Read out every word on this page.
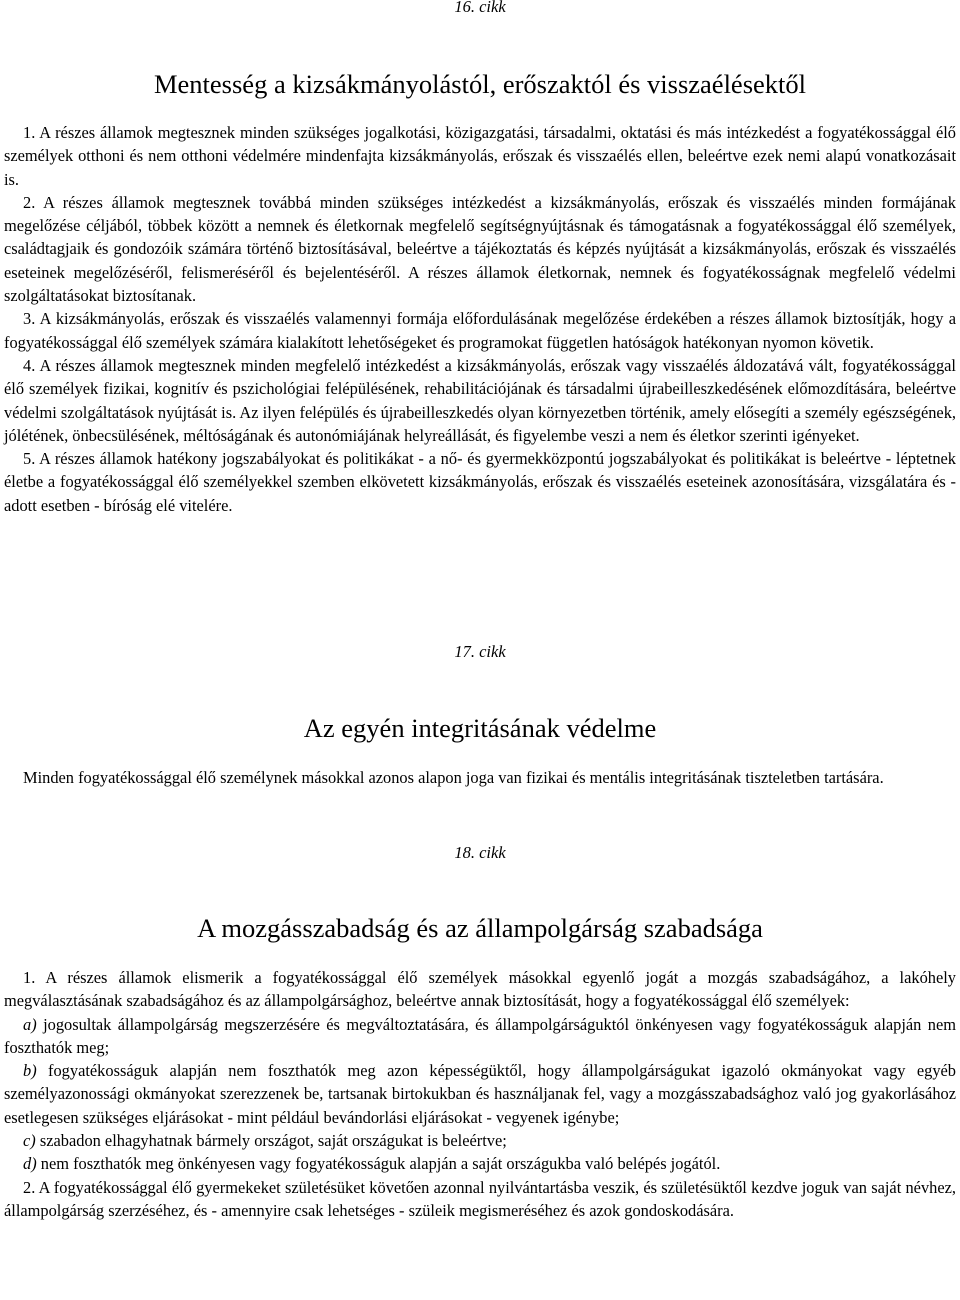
16. cikk
Mentesség a kizsákmányolástól, erőszaktól és visszaélésektől

1. A részes államok megtesznek minden szükséges jogalkotási, közigazgatási, társadalmi, oktatási és más intézkedést a fogyatékossággal élő személyek otthoni és nem otthoni védelmére mindenfajta kizsákmányolás, erőszak és visszaélés ellen, beleértve ezek nemi alapú vonatkozásait is.

2. A részes államok megtesznek továbbá minden szükséges intézkedést a kizsákmányolás, erőszak és visszaélés minden formájának megelőzése céljából, többek között a nemnek és életkornak megfelelő segítségnyújtásnak és támogatásnak a fogyatékossággal élő személyek, családtagjaik és gondozóik számára történő biztosításával, beleértve a tájékoztatás és képzés nyújtását a kizsákmányolás, erőszak és visszaélés eseteinek megelőzéséről, felismeréséről és bejelentéséről. A részes államok életkornak, nemnek és fogyatékosságnak megfelelő védelmi szolgáltatásokat biztosítanak.

3. A kizsákmányolás, erőszak és visszaélés valamennyi formája előfordulásának megelőzése érdekében a részes államok biztosítják, hogy a fogyatékossággal élő személyek számára kialakított lehetőségeket és programokat független hatóságok hatékonyan nyomon követik.

4. A részes államok megtesznek minden megfelelő intézkedést a kizsákmányolás, erőszak vagy visszaélés áldozatává vált, fogyatékossággal élő személyek fizikai, kognitív és pszichológiai felépülésének, rehabilitációjának és társadalmi újrabeilleszkedésének előmozdítására, beleértve védelmi szolgáltatások nyújtását is. Az ilyen felépülés és újrabeilleszkedés olyan környezetben történik, amely elősegíti a személy egészségének, jólétének, önbecsülésének, méltóságának és autonómiájának helyreállását, és figyelembe veszi a nem és életkor szerinti igényeket.

5. A részes államok hatékony jogszabályokat és politikákat - a nő- és gyermekközpontú jogszabályokat és politikákat is beleértve - léptetnek életbe a fogyatékossággal élő személyekkel szemben elkövetett kizsákmányolás, erőszak és visszaélés eseteinek azonosítására, vizsgálatára és - adott esetben - bíróság elé vitelére.

17. cikk
Az egyén integritásának védelme

Minden fogyatékossággal élő személynek másokkal azonos alapon joga van fizikai és mentális integritásának tiszteletben tartására.

18. cikk
A mozgásszabadság és az állampolgárság szabadsága

1. A részes államok elismerik a fogyatékossággal élő személyek másokkal egyenlő jogát a mozgás szabadságához, a lakóhely megválasztásának szabadságához és az állampolgársághoz, beleértve annak biztosítását, hogy a fogyatékossággal élő személyek:

a) jogosultak állampolgárság megszerzésére és megváltoztatására, és állampolgárságuktól önkényesen vagy fogyatékosságuk alapján nem foszthatók meg;

b) fogyatékosságuk alapján nem foszthatók meg azon képességüktől, hogy állampolgárságukat igazoló okmányokat vagy egyéb személyazonossági okmányokat szerezzenek be, tartsanak birtokukban és használjanak fel, vagy a mozgásszabadsághoz való jog gyakorlásához esetlegesen szükséges eljárásokat - mint például bevándorlási eljárásokat - vegyenek igénybe;

c) szabadon elhagyhatnak bármely országot, saját országukat is beleértve;

d) nem foszthatók meg önkényesen vagy fogyatékosságuk alapján a saját országukba való belépés jogától.

2. A fogyatékossággal élő gyermekeket születésüket követően azonnal nyilvántartásba veszik, és születésüktől kezdve joguk van saját névhez, állampolgárság szerzéséhez, és - amennyire csak lehetséges - szüleik megismeréséhez és azok gondoskodására.
